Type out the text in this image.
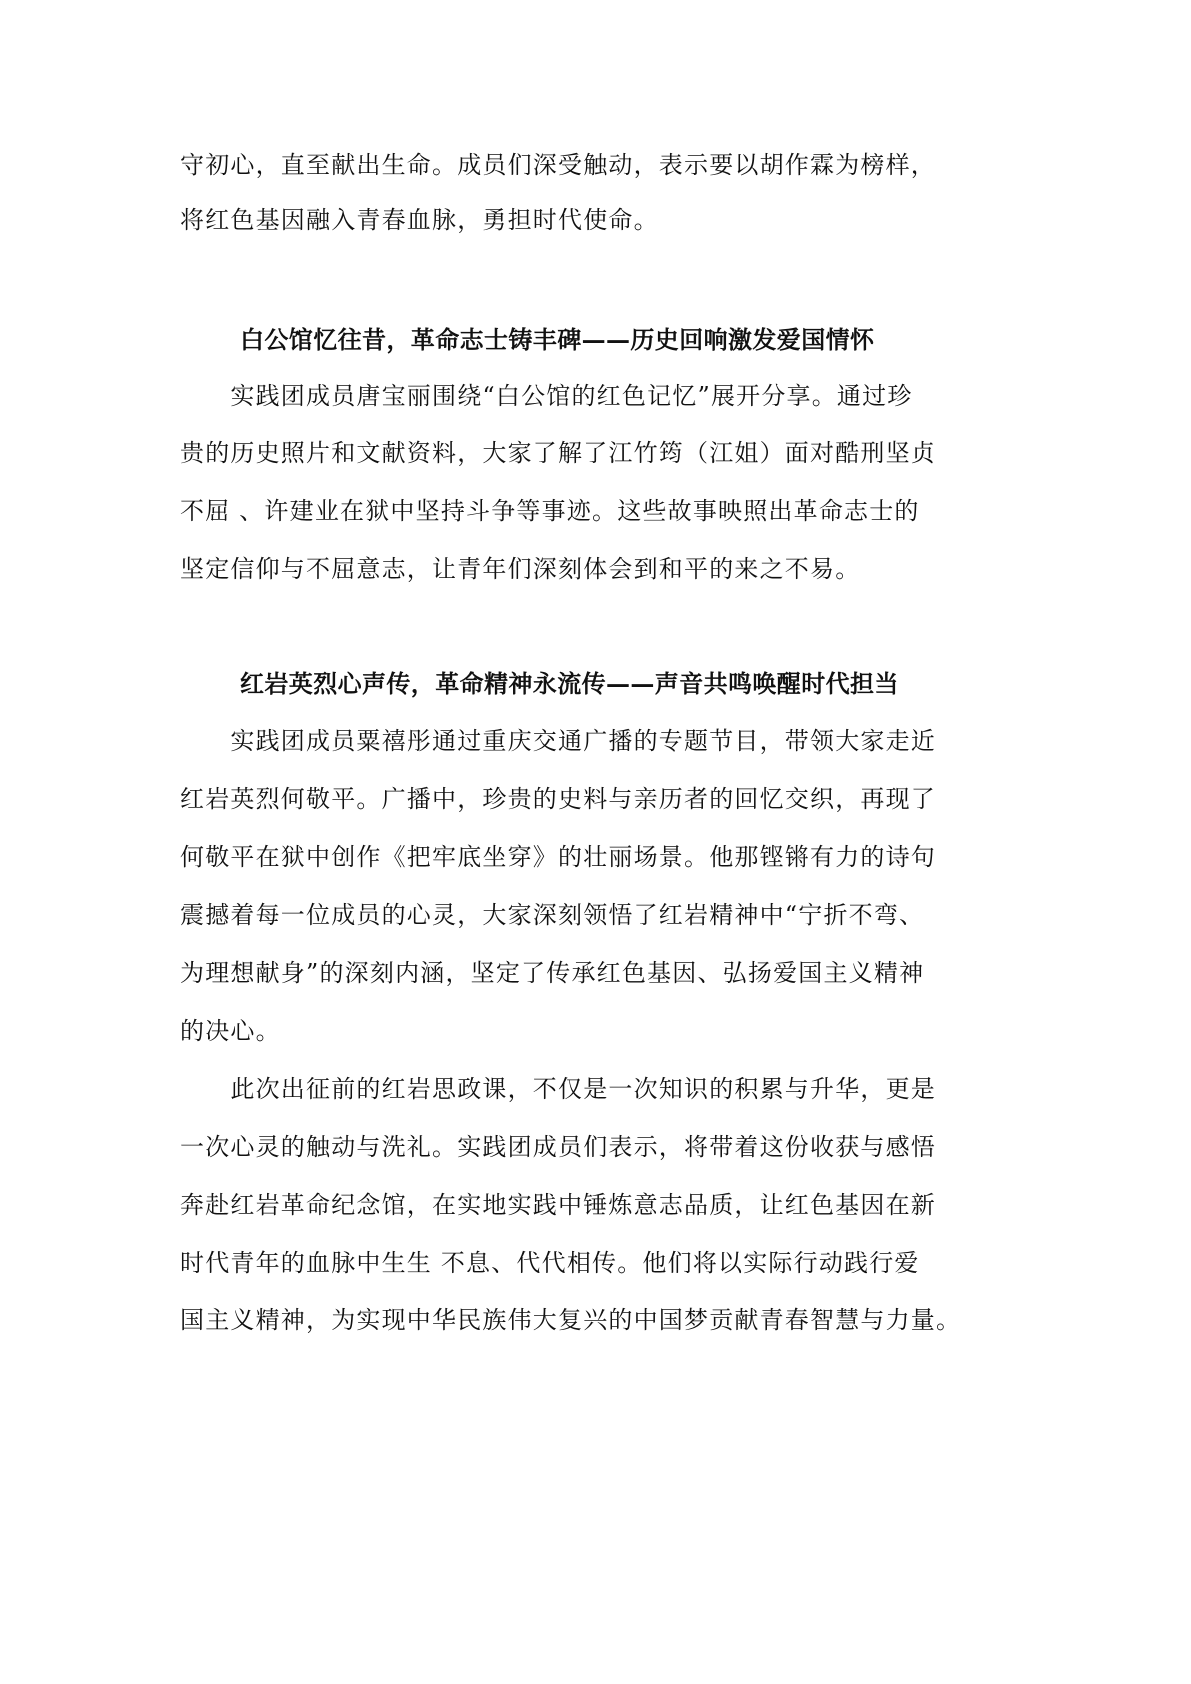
守初心，直至献出生命。成员们深受触动，表示要以胡作霖为榜样，

将红色基因融入青春血脉，勇担时代使命。

白公馆忆往昔，革命志士铸丰碑——历史回响激发爱国情怀

　　实践团成员唐宝丽围绕“白公馆的红色记忆”展开分享。通过珍

贵的历史照片和文献资料，大家了解了江竹筠（江姐）面对酷刑坚贞

不屈 、许建业在狱中坚持斗争等事迹。这些故事映照出革命志士的

坚定信仰与不屈意志，让青年们深刻体会到和平的来之不易。

红岩英烈心声传，革命精神永流传——声音共鸣唤醒时代担当

　　实践团成员粟禧彤通过重庆交通广播的专题节目，带领大家走近

红岩英烈何敬平。广播中，珍贵的史料与亲历者的回忆交织，再现了

何敬平在狱中创作《把牢底坐穿》的壮丽场景。他那铿锵有力的诗句

震撼着每一位成员的心灵，大家深刻领悟了红岩精神中“宁折不弯、

为理想献身”的深刻内涵，坚定了传承红色基因、弘扬爱国主义精神

的决心。

　　此次出征前的红岩思政课，不仅是一次知识的积累与升华，更是

一次心灵的触动与洗礼。实践团成员们表示，将带着这份收获与感悟

奔赴红岩革命纪念馆，在实地实践中锤炼意志品质，让红色基因在新

时代青年的血脉中生生 不息、代代相传。他们将以实际行动践行爱

国主义精神，为实现中华民族伟大复兴的中国梦贡献青春智慧与力量。
